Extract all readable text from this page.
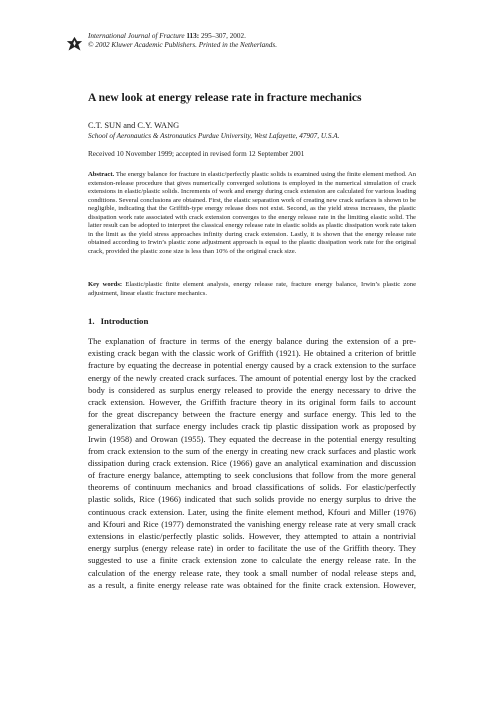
International Journal of Fracture 113: 295–307, 2002.
© 2002 Kluwer Academic Publishers. Printed in the Netherlands.
A new look at energy release rate in fracture mechanics
C.T. SUN and C.Y. WANG
School of Aeronautics & Astronautics Purdue University, West Lafayette, 47907, U.S.A.
Received 10 November 1999; accepted in revised form 12 September 2001

Abstract. The energy balance for fracture in elastic/perfectly plastic solids is examined using the finite element method. An extension-release procedure that gives numerically converged solutions is employed in the numerical simulation of crack extensions in elastic/plastic solids. Increments of work and energy during crack extension are calculated for various loading conditions. Several conclusions are obtained. First, the elastic separation work of creating new crack surfaces is shown to be negligible, indicating that the Griffith-type energy release does not exist. Second, as the yield stress increases, the plastic dissipation work rate associated with crack extension converges to the energy release rate in the limiting elastic solid. The latter result can be adopted to interpret the classical energy release rate in elastic solids as plastic dissipation work rate taken in the limit as the yield stress approaches infinity during crack extension. Lastly, it is shown that the energy release rate obtained according to Irwin’s plastic zone adjustment approach is equal to the plastic dissipation work rate for the original crack, provided the plastic zone size is less than 10% of the original crack size.

Key words: Elastic/plastic finite element analysis, energy release rate, fracture energy balance, Irwin’s plastic zone adjustment, linear elastic fracture mechanics.

1. Introduction
The explanation of fracture in terms of the energy balance during the extension of a pre-
existing crack began with the classic work of Griffith (1921). He obtained a criterion of brittle
fracture by equating the decrease in potential energy caused by a crack extension to the surface
energy of the newly created crack surfaces. The amount of potential energy lost by the cracked
body is considered as surplus energy released to provide the energy necessary to drive the
crack extension. However, the Griffith fracture theory in its original form fails to account
for the great discrepancy between the fracture energy and surface energy. This led to the
generalization that surface energy includes crack tip plastic dissipation work as proposed by
Irwin (1958) and Orowan (1955). They equated the decrease in the potential energy resulting
from crack extension to the sum of the energy in creating new crack surfaces and plastic work
dissipation during crack extension. Rice (1966) gave an analytical examination and discussion
of fracture energy balance, attempting to seek conclusions that follow from the more general
theorems of continuum mechanics and broad classifications of solids. For elastic/perfectly
plastic solids, Rice (1966) indicated that such solids provide no energy surplus to drive the
continuous crack extension. Later, using the finite element method, Kfouri and Miller (1976)
and Kfouri and Rice (1977) demonstrated the vanishing energy release rate at very small crack
extensions in elastic/perfectly plastic solids. However, they attempted to attain a nontrivial
energy surplus (energy release rate) in order to facilitate the use of the Griffith theory. They
suggested to use a finite crack extension zone to calculate the energy release rate. In the
calculation of the energy release rate, they took a small number of nodal release steps and,
as a result, a finite energy release rate was obtained for the finite crack extension. However,
